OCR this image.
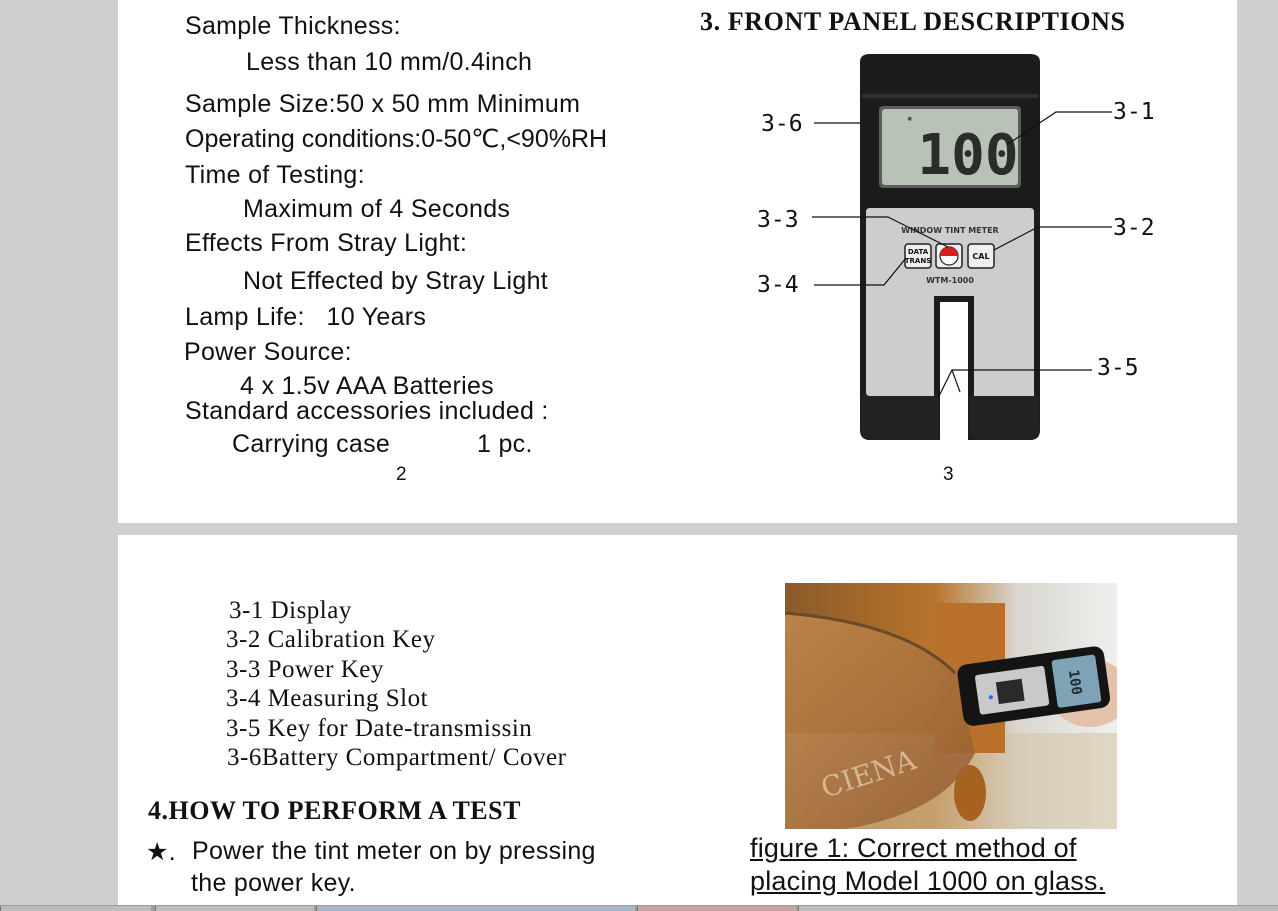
Sample Thickness:
Less than 10 mm/0.4inch
Sample Size:50 x 50 mm Minimum
Operating conditions:0-50℃,<90%RH
Time of Testing:
Maximum of 4 Seconds
Effects From Stray Light:
Not Effected by Stray Light
Lamp Life: 10 Years
Power Source:
4 x 1.5v AAA Batteries
Standard accessories included :
Carrying case	1 pc.
2
3. FRONT PANEL DESCRIPTIONS
▪
100
WINDOW TINT METER
DATA
TRANS	CAL
WTM-1000
3-6	3-1
3-3	3-2
3-4
3-5
3
3-1 Display
3-2 Calibration Key
3-3 Power Key
3-4 Measuring Slot
3-5 Key for Date-transmissin
3-6Battery Compartment/ Cover
4.HOW TO PERFORM A TEST
★. Power the tint meter on by pressing
the power key.
CIENA
100
figure 1: Correct method of
placing Model 1000 on glass.
